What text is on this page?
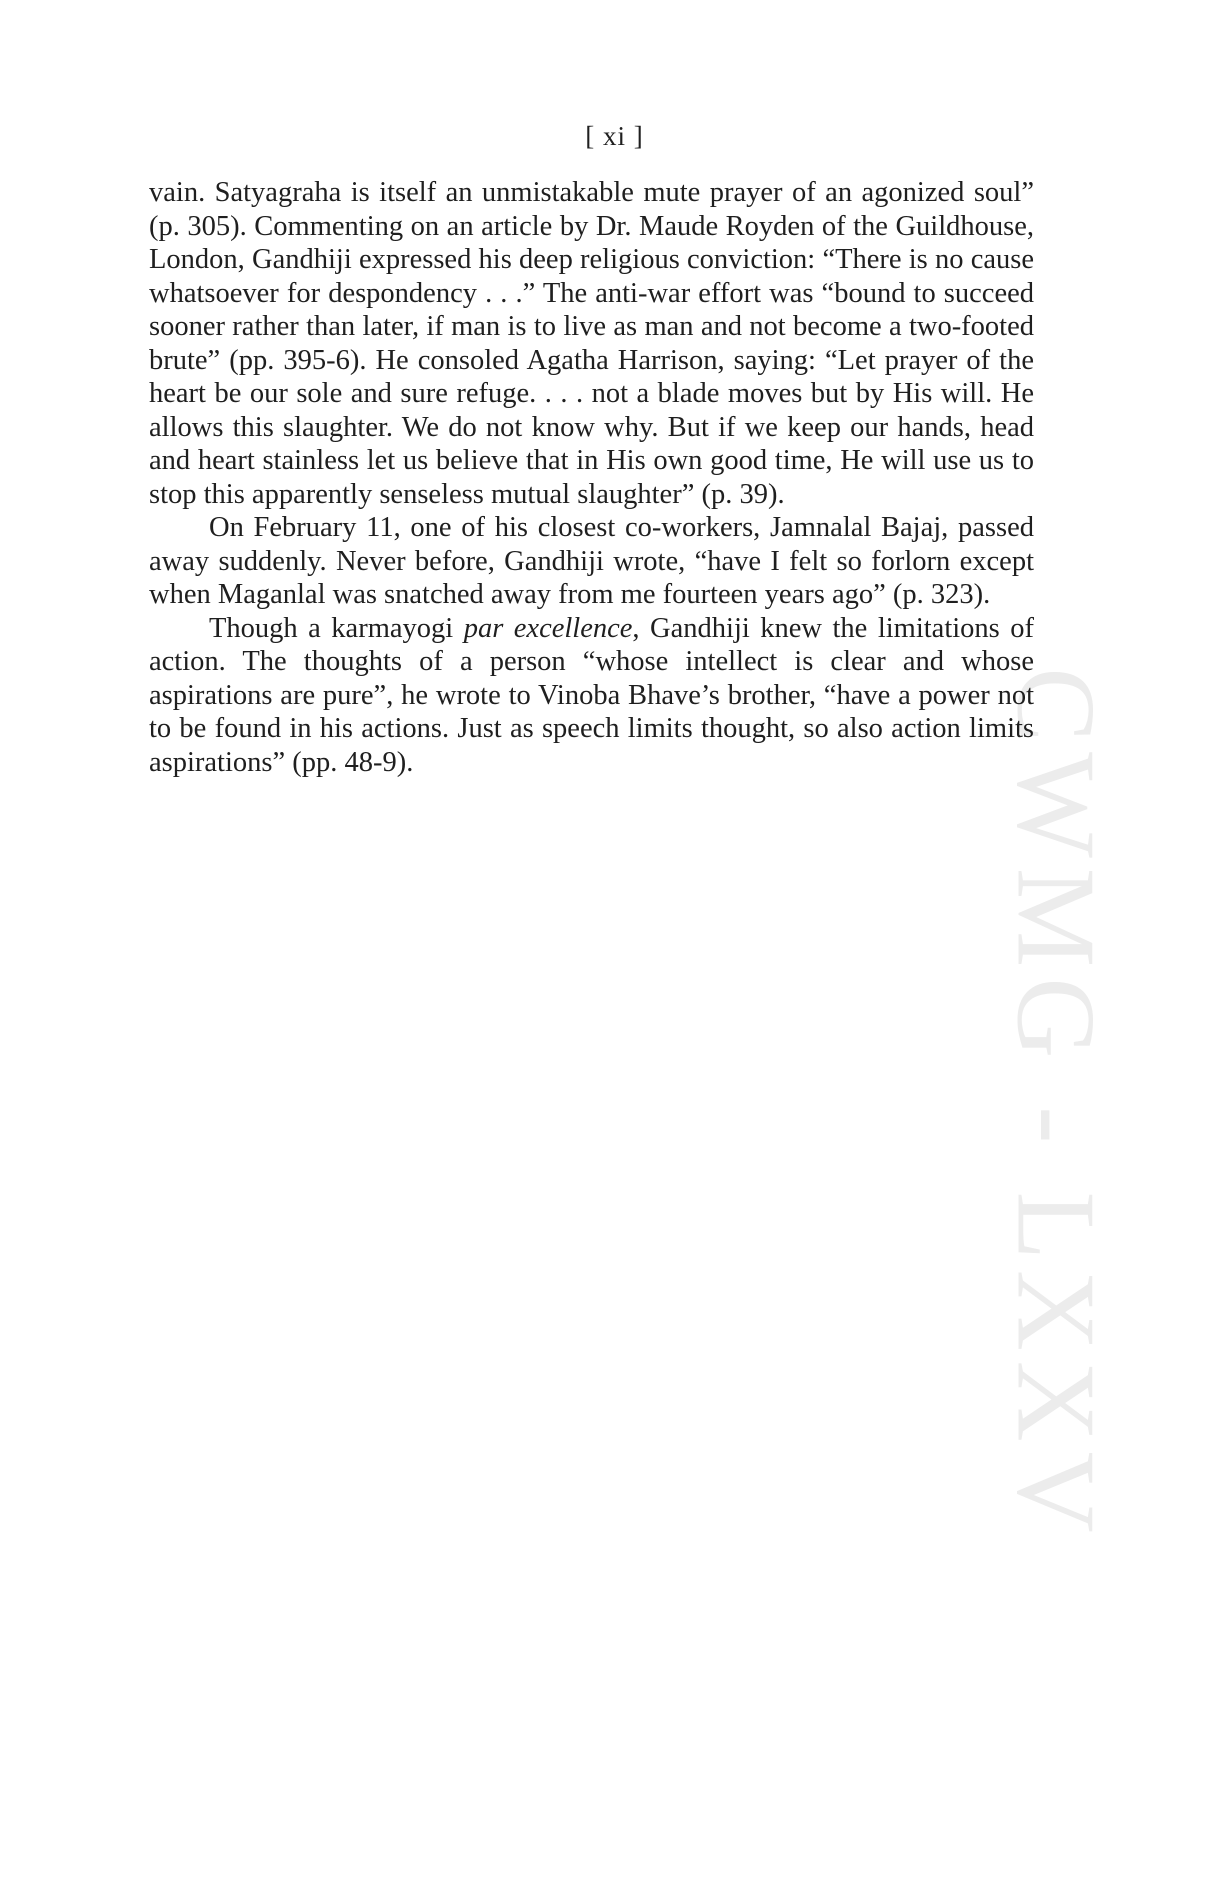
[ xi ]
CWMG - LXXV

vain. Satyagraha is itself an unmistakable mute prayer of an agonized soul” (p. 305). Commenting on an article by Dr. Maude Royden of the Guildhouse, London, Gandhiji expressed his deep religious conviction: “There is no cause whatsoever for despondency . . .” The anti-war effort was “bound to succeed sooner rather than later, if man is to live as man and not become a two-footed brute” (pp. 395-6). He consoled Agatha Harrison, saying: “Let prayer of the heart be our sole and sure refuge. . . . not a blade moves but by His will. He allows this slaughter. We do not know why. But if we keep our hands, head and heart stainless let us believe that in His own good time, He will use us to stop this apparently senseless mutual slaughter” (p. 39).

On February 11, one of his closest co-workers, Jamnalal Bajaj, passed away suddenly. Never before, Gandhiji wrote, “have I felt so forlorn except when Maganlal was snatched away from me fourteen years ago” (p. 323).

Though a karmayogi par excellence, Gandhiji knew the limitations of action. The thoughts of a person “whose intellect is clear and whose aspirations are pure”, he wrote to Vinoba Bhave’s brother, “have a power not to be found in his actions. Just as speech limits thought, so also action limits aspirations” (pp. 48-9).
